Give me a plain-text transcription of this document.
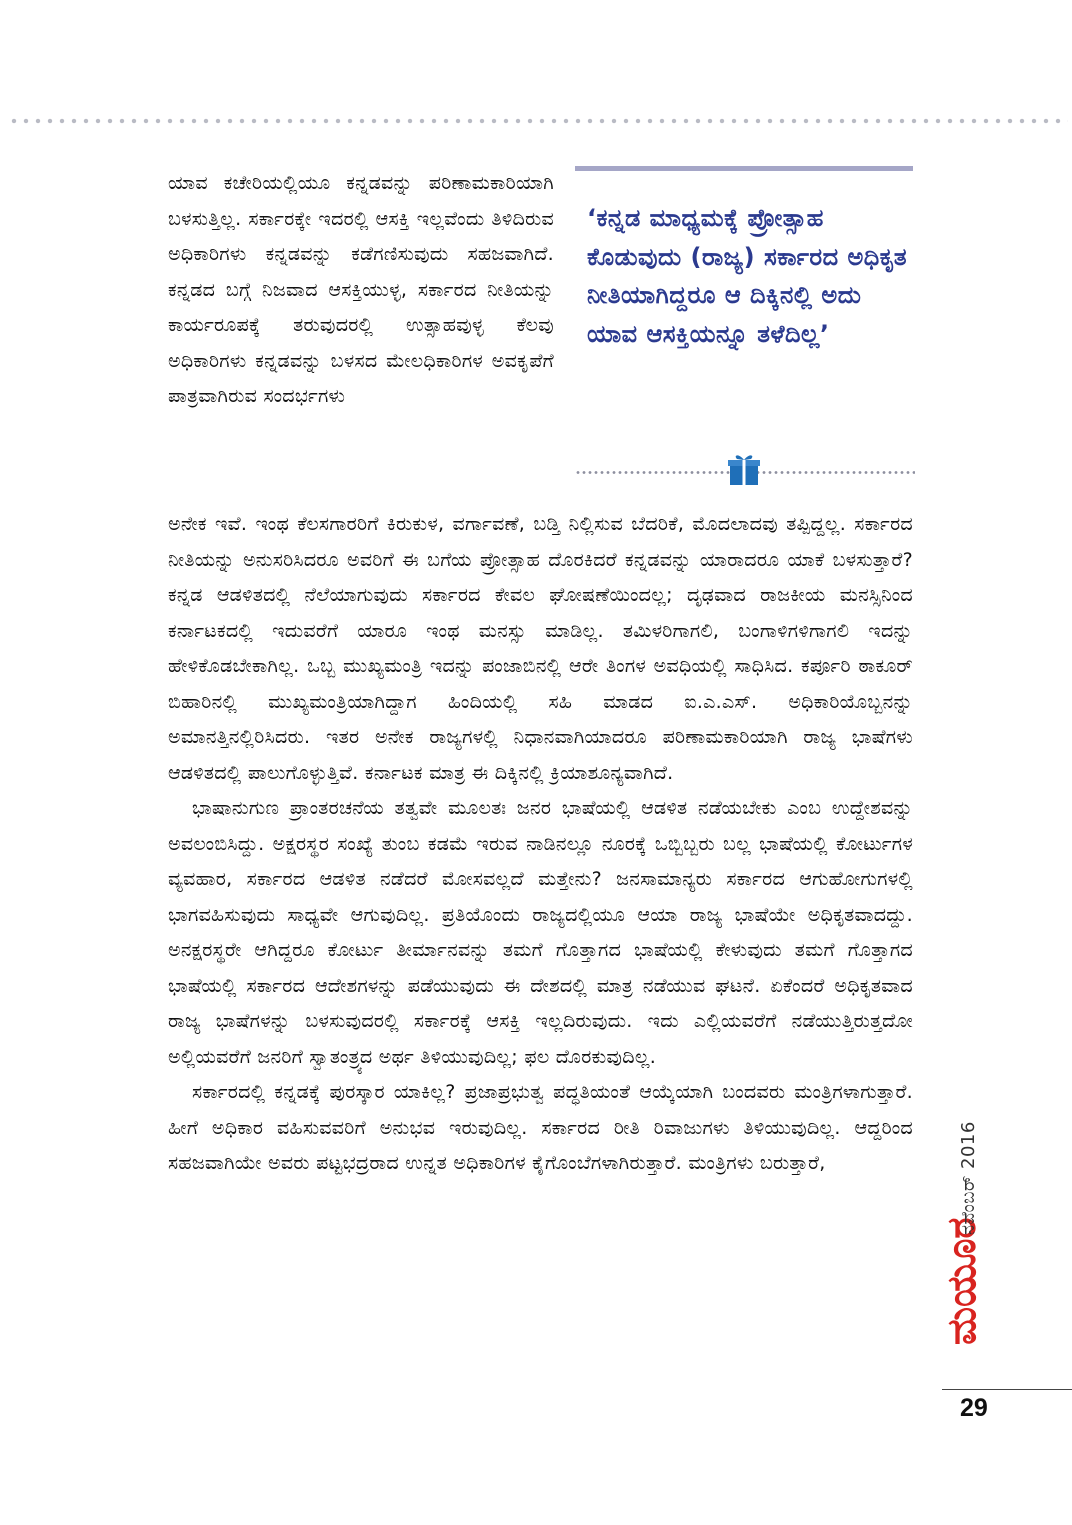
ಯಾವ ಕಚೇರಿಯಲ್ಲಿಯೂ ಕನ್ನಡವನ್ನು ಪರಿಣಾಮಕಾರಿಯಾಗಿ ಬಳಸುತ್ತಿಲ್ಲ. ಸರ್ಕಾರಕ್ಕೇ ಇದರಲ್ಲಿ ಆಸಕ್ತಿ ಇಲ್ಲವೆಂದು ತಿಳಿದಿರುವ ಅಧಿಕಾರಿಗಳು ಕನ್ನಡವನ್ನು ಕಡೆಗಣಿಸುವುದು ಸಹಜವಾಗಿದೆ. ಕನ್ನಡದ ಬಗ್ಗೆ ನಿಜವಾದ ಆಸಕ್ತಿಯುಳ್ಳ, ಸರ್ಕಾರದ ನೀತಿಯನ್ನು ಕಾರ್ಯರೂಪಕ್ಕೆ ತರುವುದರಲ್ಲಿ ಉತ್ಸಾಹವುಳ್ಳ ಕೆಲವು ಅಧಿಕಾರಿಗಳು ಕನ್ನಡವನ್ನು ಬಳಸದ ಮೇಲಧಿಕಾರಿಗಳ ಅವಕೃಪೆಗೆ ಪಾತ್ರವಾಗಿರುವ ಸಂದರ್ಭಗಳು

‘ಕನ್ನಡ ಮಾಧ್ಯಮಕ್ಕೆ ಪ್ರೋತ್ಸಾಹ ಕೊಡುವುದು (ರಾಜ್ಯ) ಸರ್ಕಾರದ ಅಧಿಕೃತ ನೀತಿಯಾಗಿದ್ದರೂ ಆ ದಿಕ್ಕಿನಲ್ಲಿ ಅದು ಯಾವ ಆಸಕ್ತಿಯನ್ನೂ ತಳೆದಿಲ್ಲ’

ಅನೇಕ ಇವೆ. ಇಂಥ ಕೆಲಸಗಾರರಿಗೆ ಕಿರುಕುಳ, ವರ್ಗಾವಣೆ, ಬಡ್ತಿ ನಿಲ್ಲಿಸುವ ಬೆದರಿಕೆ, ಮೊದಲಾದವು ತಪ್ಪಿದ್ದಲ್ಲ. ಸರ್ಕಾರದ ನೀತಿಯನ್ನು ಅನುಸರಿಸಿದರೂ ಅವರಿಗೆ ಈ ಬಗೆಯ ಪ್ರೋತ್ಸಾಹ ದೊರಕಿದರೆ ಕನ್ನಡವನ್ನು ಯಾರಾದರೂ ಯಾಕೆ ಬಳಸುತ್ತಾರೆ? ಕನ್ನಡ ಆಡಳಿತದಲ್ಲಿ ನೆಲೆಯಾಗುವುದು ಸರ್ಕಾರದ ಕೇವಲ ಘೋಷಣೆಯಿಂದಲ್ಲ; ದೃಢವಾದ ರಾಜಕೀಯ ಮನಸ್ಸಿನಿಂದ ಕರ್ನಾಟಕದಲ್ಲಿ ಇದುವರೆಗೆ ಯಾರೂ ಇಂಥ ಮನಸ್ಸು ಮಾಡಿಲ್ಲ. ತಮಿಳರಿಗಾಗಲಿ, ಬಂಗಾಳಿಗಳಿಗಾಗಲಿ ಇದನ್ನು ಹೇಳಿಕೊಡಬೇಕಾಗಿಲ್ಲ. ಒಬ್ಬ ಮುಖ್ಯಮಂತ್ರಿ ಇದನ್ನು ಪಂಜಾಬಿನಲ್ಲಿ ಆರೇ ತಿಂಗಳ ಅವಧಿಯಲ್ಲಿ ಸಾಧಿಸಿದ. ಕರ್ಪೂರಿ ಠಾಕೂರ್ ಬಿಹಾರಿನಲ್ಲಿ ಮುಖ್ಯಮಂತ್ರಿಯಾಗಿದ್ದಾಗ ಹಿಂದಿಯಲ್ಲಿ ಸಹಿ ಮಾಡದ ಐ.ಎ.ಎಸ್. ಅಧಿಕಾರಿಯೊಬ್ಬನನ್ನು ಅಮಾನತ್ತಿನಲ್ಲಿರಿಸಿದರು. ಇತರ ಅನೇಕ ರಾಜ್ಯಗಳಲ್ಲಿ ನಿಧಾನವಾಗಿಯಾದರೂ ಪರಿಣಾಮಕಾರಿಯಾಗಿ ರಾಜ್ಯ ಭಾಷೆಗಳು ಆಡಳಿತದಲ್ಲಿ ಪಾಲುಗೊಳ್ಳುತ್ತಿವೆ. ಕರ್ನಾಟಕ ಮಾತ್ರ ಈ ದಿಕ್ಕಿನಲ್ಲಿ ಕ್ರಿಯಾಶೂನ್ಯವಾಗಿದೆ.

ಭಾಷಾನುಗುಣ ಪ್ರಾಂತರಚನೆಯ ತತ್ವವೇ ಮೂಲತಃ ಜನರ ಭಾಷೆಯಲ್ಲಿ ಆಡಳಿತ ನಡೆಯಬೇಕು ಎಂಬ ಉದ್ದೇಶವನ್ನು ಅವಲಂಬಿಸಿದ್ದು. ಅಕ್ಷರಸ್ಥರ ಸಂಖ್ಯೆ ತುಂಬ ಕಡಮೆ ಇರುವ ನಾಡಿನಲ್ಲೂ ನೂರಕ್ಕೆ ಒಬ್ಬಿಬ್ಬರು ಬಲ್ಲ ಭಾಷೆಯಲ್ಲಿ ಕೋರ್ಟುಗಳ ವ್ಯವಹಾರ, ಸರ್ಕಾರದ ಆಡಳಿತ ನಡೆದರೆ ಮೋಸವಲ್ಲದೆ ಮತ್ತೇನು? ಜನಸಾಮಾನ್ಯರು ಸರ್ಕಾರದ ಆಗುಹೋಗುಗಳಲ್ಲಿ ಭಾಗವಹಿಸುವುದು ಸಾಧ್ಯವೇ ಆಗುವುದಿಲ್ಲ. ಪ್ರತಿಯೊಂದು ರಾಜ್ಯದಲ್ಲಿಯೂ ಆಯಾ ರಾಜ್ಯ ಭಾಷೆಯೇ ಅಧಿಕೃತವಾದದ್ದು. ಅನಕ್ಷರಸ್ಥರೇ ಆಗಿದ್ದರೂ ಕೋರ್ಟು ತೀರ್ಮಾನವನ್ನು ತಮಗೆ ಗೊತ್ತಾಗದ ಭಾಷೆಯಲ್ಲಿ ಕೇಳುವುದು ತಮಗೆ ಗೊತ್ತಾಗದ ಭಾಷೆಯಲ್ಲಿ ಸರ್ಕಾರದ ಆದೇಶಗಳನ್ನು ಪಡೆಯುವುದು ಈ ದೇಶದಲ್ಲಿ ಮಾತ್ರ ನಡೆಯುವ ಘಟನೆ. ಏಕೆಂದರೆ ಅಧಿಕೃತವಾದ ರಾಜ್ಯ ಭಾಷೆಗಳನ್ನು ಬಳಸುವುದರಲ್ಲಿ ಸರ್ಕಾರಕ್ಕೆ ಆಸಕ್ತಿ ಇಲ್ಲದಿರುವುದು. ಇದು ಎಲ್ಲಿಯವರೆಗೆ ನಡೆಯುತ್ತಿರುತ್ತದೋ ಅಲ್ಲಿಯವರೆಗೆ ಜನರಿಗೆ ಸ್ವಾತಂತ್ರ್ಯದ ಅರ್ಥ ತಿಳಿಯುವುದಿಲ್ಲ; ಫಲ ದೊರಕುವುದಿಲ್ಲ.

ಸರ್ಕಾರದಲ್ಲಿ ಕನ್ನಡಕ್ಕೆ ಪುರಸ್ಕಾರ ಯಾಕಿಲ್ಲ? ಪ್ರಜಾಪ್ರಭುತ್ವ ಪದ್ಧತಿಯಂತೆ ಆಯ್ಕೆಯಾಗಿ ಬಂದವರು ಮಂತ್ರಿಗಳಾಗುತ್ತಾರೆ. ಹೀಗೆ ಅಧಿಕಾರ ವಹಿಸುವವರಿಗೆ ಅನುಭವ ಇರುವುದಿಲ್ಲ. ಸರ್ಕಾರದ ರೀತಿ ರಿವಾಜುಗಳು ತಿಳಿಯುವುದಿಲ್ಲ. ಆದ್ದರಿಂದ ಸಹಜವಾಗಿಯೇ ಅವರು ಪಟ್ಟಭದ್ರರಾದ ಉನ್ನತ ಅಧಿಕಾರಿಗಳ ಕೈಗೊಂಬೆಗಳಾಗಿರುತ್ತಾರೆ. ಮಂತ್ರಿಗಳು ಬರುತ್ತಾರೆ,

ಮಯೂರ
ನವೆಂಬರ್ 2016
29
